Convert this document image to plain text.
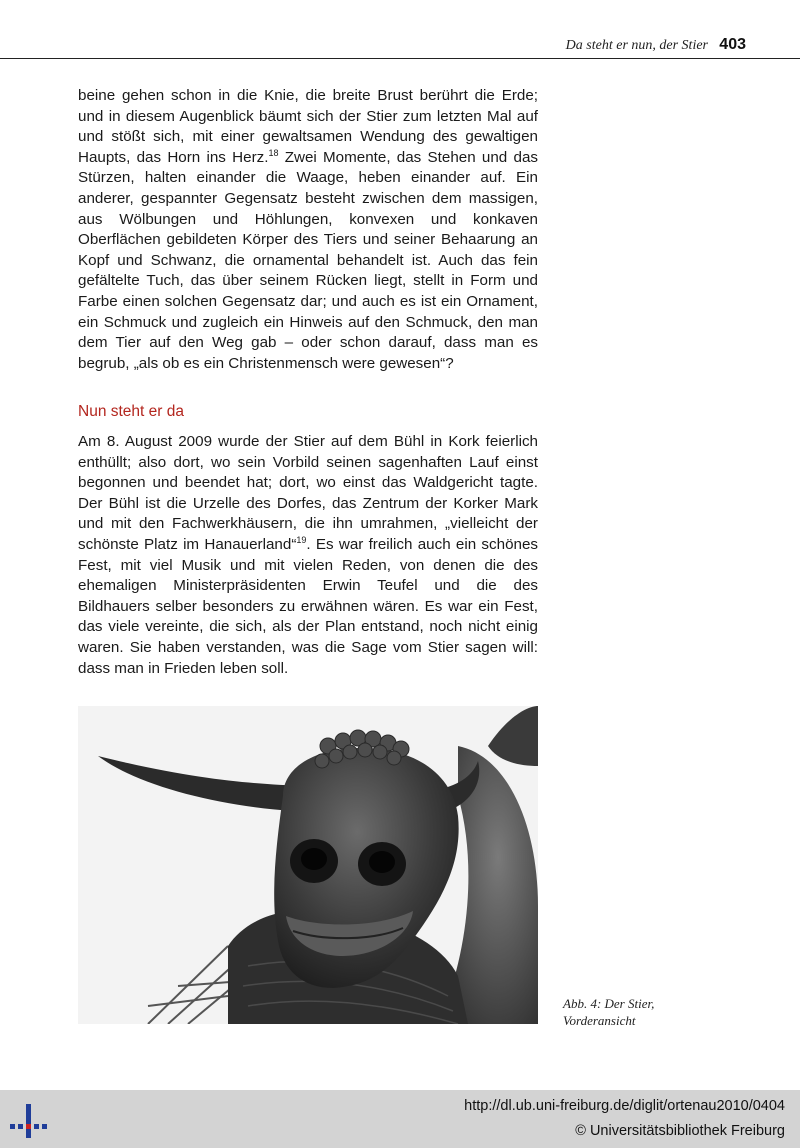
Da steht er nun, der Stier 403
beine gehen schon in die Knie, die breite Brust berührt die Erde; und in diesem Augenblick bäumt sich der Stier zum letzten Mal auf und stößt sich, mit einer gewaltsamen Wendung des gewaltigen Haupts, das Horn ins Herz.$^{18}$ Zwei Momente, das Stehen und das Stürzen, halten einander die Waage, heben einander auf. Ein anderer, gespannter Gegensatz besteht zwischen dem massigen, aus Wölbungen und Höhlungen, konvexen und konkaven Oberflächen gebildeten Körper des Tiers und seiner Behaarung an Kopf und Schwanz, die ornamental behandelt ist. Auch das fein gefältelte Tuch, das über seinem Rücken liegt, stellt in Form und Farbe einen solchen Gegensatz dar; und auch es ist ein Ornament, ein Schmuck und zugleich ein Hinweis auf den Schmuck, den man dem Tier auf den Weg gab – oder schon darauf, dass man es begrub, „als ob es ein Christenmensch were gewesen“?
Nun steht er da
Am 8. August 2009 wurde der Stier auf dem Bühl in Kork feierlich enthüllt; also dort, wo sein Vorbild seinen sagenhaften Lauf einst begonnen und beendet hat; dort, wo einst das Waldgericht tagte. Der Bühl ist die Urzelle des Dorfes, das Zentrum der Korker Mark und mit den Fachwerkhäusern, die ihn umrahmen, „vielleicht der schönste Platz im Hanauerland“$^{19}$. Es war freilich auch ein schönes Fest, mit viel Musik und mit vielen Reden, von denen die des ehemaligen Ministerpräsidenten Erwin Teufel und die des Bildhauers selber besonders zu erwähnen wären. Es war ein Fest, das viele vereinte, die sich, als der Plan entstand, noch nicht einig waren. Sie haben verstanden, was die Sage vom Stier sagen will: dass man in Frieden leben soll.
Abb. 4: Der Stier,
Vorderansicht
http://dl.ub.uni-freiburg.de/diglit/ortenau2010/0404
© Universitätsbibliothek Freiburg
